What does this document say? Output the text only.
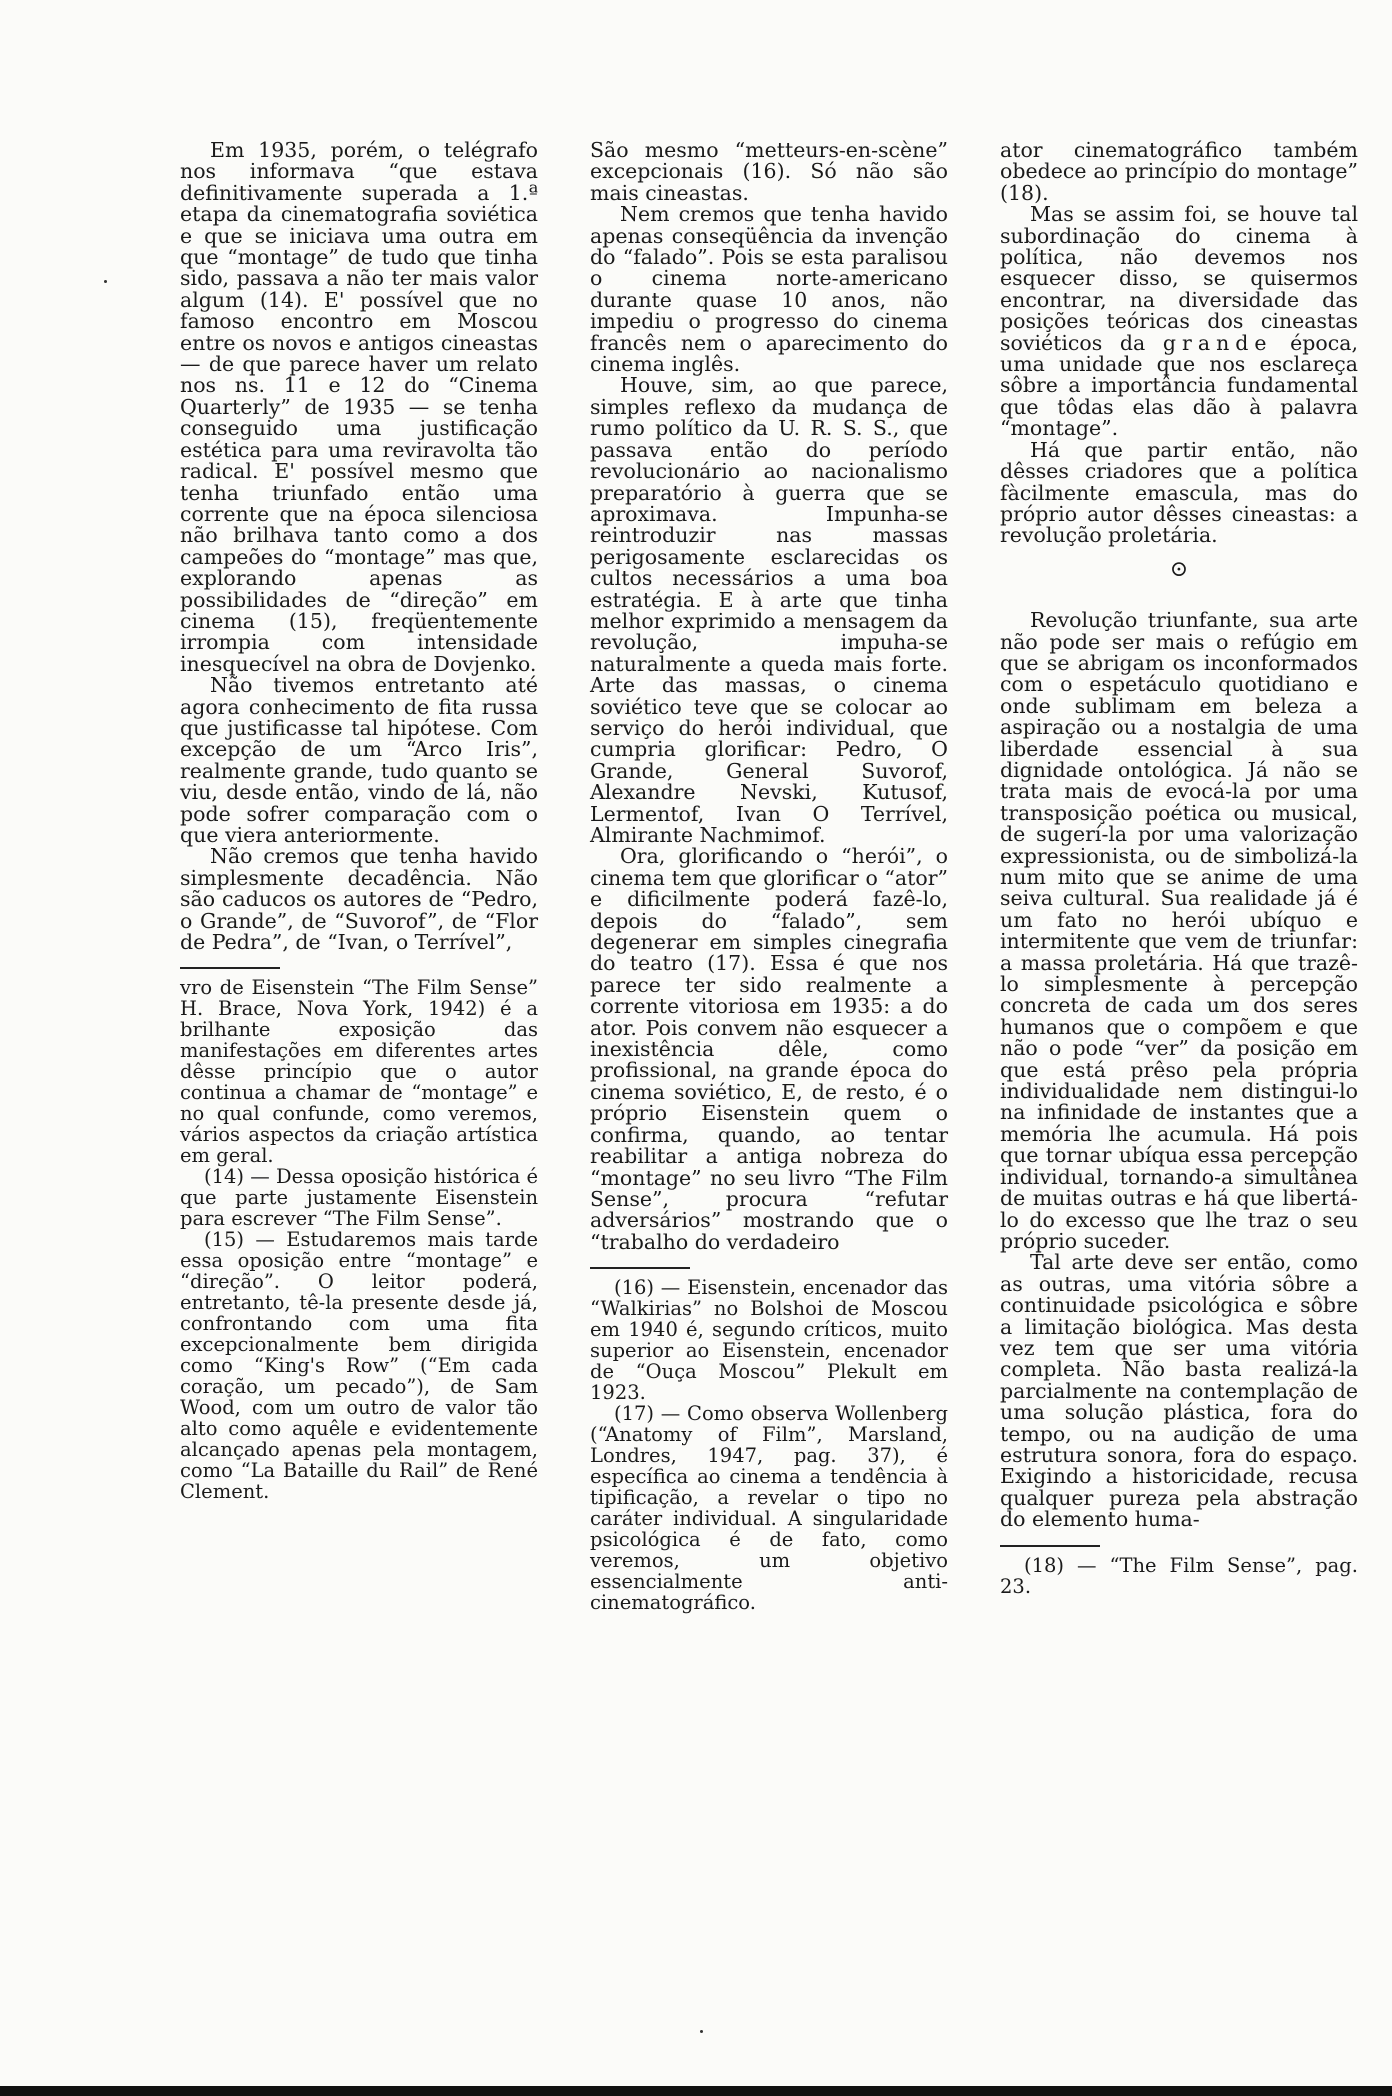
Em 1935, porém, o telégrafo nos informava “que estava definitivamente superada a 1.ª etapa da cinematografia soviética e que se iniciava uma outra em que “montage” de tudo que tinha sido, passava a não ter mais valor algum (14). E' possível que no famoso encontro em Moscou entre os novos e antigos cineastas — de que parece haver um relato nos ns. 11 e 12 do “Cinema Quarterly” de 1935 — se tenha conseguido uma justificação estética para uma reviravolta tão radical. E' possível mesmo que tenha triunfado então uma corrente que na época silenciosa não brilhava tanto como a dos campeões do “montage” mas que, explorando apenas as possibilidades de “direção” em cinema (15), freqüentemente irrompia com intensidade inesquecível na obra de Dovjenko.

Não tivemos entretanto até agora conhecimento de fita russa que justificasse tal hipótese. Com excepção de um “Arco Iris”, realmente grande, tudo quanto se viu, desde então, vindo de lá, não pode sofrer comparação com o que viera anteriormente.

Não cremos que tenha havido simplesmente decadência. Não são caducos os autores de “Pedro, o Grande”, de “Suvorof”, de “Flor de Pedra”, de “Ivan, o Terrível”,

vro de Eisenstein “The Film Sense” H. Brace, Nova York, 1942) é a brilhante exposição das manifestações em diferentes artes dêsse princípio que o autor continua a chamar de “montage” e no qual confunde, como veremos, vários aspectos da criação artística em geral.

(14) — Dessa oposição histórica é que parte justamente Eisenstein para escrever “The Film Sense”.

(15) — Estudaremos mais tarde essa oposição entre “montage” e “direção”. O leitor poderá, entretanto, tê-la presente desde já, confrontando com uma fita excepcionalmente bem dirigida como “King's Row” (“Em cada coração, um pecado”), de Sam Wood, com um outro de valor tão alto como aquêle e evidentemente alcançado apenas pela montagem, como “La Bataille du Rail” de René Clement.

São mesmo “metteurs-en-scène” excepcionais (16). Só não são mais cineastas.

Nem cremos que tenha havido apenas conseqüência da invenção do “falado”. Pois se esta paralisou o cinema norte-americano durante quase 10 anos, não impediu o progresso do cinema francês nem o aparecimento do cinema inglês.

Houve, sim, ao que parece, simples reflexo da mudança de rumo político da U. R. S. S., que passava então do período revolucionário ao nacionalismo preparatório à guerra que se aproximava. Impunha-se reintroduzir nas massas perigosamente esclarecidas os cultos necessários a uma boa estratégia. E à arte que tinha melhor exprimido a mensagem da revolução, impuha-se naturalmente a queda mais forte. Arte das massas, o cinema soviético teve que se colocar ao serviço do herói individual, que cumpria glorificar: Pedro, O Grande, General Suvorof, Alexandre Nevski, Kutusof, Lermentof, Ivan O Terrível, Almirante Nachmimof.

Ora, glorificando o “herói”, o cinema tem que glorificar o “ator” e dificilmente poderá fazê-lo, depois do “falado”, sem degenerar em simples cinegrafia do teatro (17). Essa é que nos parece ter sido realmente a corrente vitoriosa em 1935: a do ator. Pois convem não esquecer a inexistência dêle, como profissional, na grande época do cinema soviético, E, de resto, é o próprio Eisenstein quem o confirma, quando, ao tentar reabilitar a antiga nobreza do “montage” no seu livro “The Film Sense”, procura “refutar adversários” mostrando que o “trabalho do verdadeiro

(16) — Eisenstein, encenador das “Walkirias” no Bolshoi de Moscou em 1940 é, segundo críticos, muito superior ao Eisenstein, encenador de “Ouça Moscou” Plekult em 1923.

(17) — Como observa Wollenberg (“Anatomy of Film”, Marsland, Londres, 1947, pag. 37), é específica ao cinema a tendência à tipificação, a revelar o tipo no caráter individual. A singularidade psicológica é de fato, como veremos, um objetivo essencialmente anti-cinematográfico.

ator cinematográfico também obedece ao princípio do montage” (18).

Mas se assim foi, se houve tal subordinação do cinema à política, não devemos nos esquecer disso, se quisermos encontrar, na diversidade das posições teóricas dos cineastas soviéticos da grande época, uma unidade que nos esclareça sôbre a importância fundamental que tôdas elas dão à palavra “montage”.

Há que partir então, não dêsses criadores que a política fàcilmente emascula, mas do próprio autor dêsses cineastas: a revolução proletária.

⊙

Revolução triunfante, sua arte não pode ser mais o refúgio em que se abrigam os inconformados com o espetáculo quotidiano e onde sublimam em beleza a aspiração ou a nostalgia de uma liberdade essencial à sua dignidade ontológica. Já não se trata mais de evocá-la por uma transposição poética ou musical, de sugerí-la por uma valorização expressionista, ou de simbolizá-la num mito que se anime de uma seiva cultural. Sua realidade já é um fato no herói ubíquo e intermitente que vem de triunfar: a massa proletária. Há que trazê-lo simplesmente à percepção concreta de cada um dos seres humanos que o compõem e que não o pode “ver” da posição em que está prêso pela própria individualidade nem distingui-lo na infinidade de instantes que a memória lhe acumula. Há pois que tornar ubíqua essa percepção individual, tornando-a simultânea de muitas outras e há que libertá-lo do excesso que lhe traz o seu próprio suceder.

Tal arte deve ser então, como as outras, uma vitória sôbre a continuidade psicológica e sôbre a limitação biológica. Mas desta vez tem que ser uma vitória completa. Não basta realizá-la parcialmente na contemplação de uma solução plástica, fora do tempo, ou na audição de uma estrutura sonora, fora do espaço. Exigindo a historicidade, recusa qualquer pureza pela abstração do elemento huma-

(18) — “The Film Sense”, pag. 23.
